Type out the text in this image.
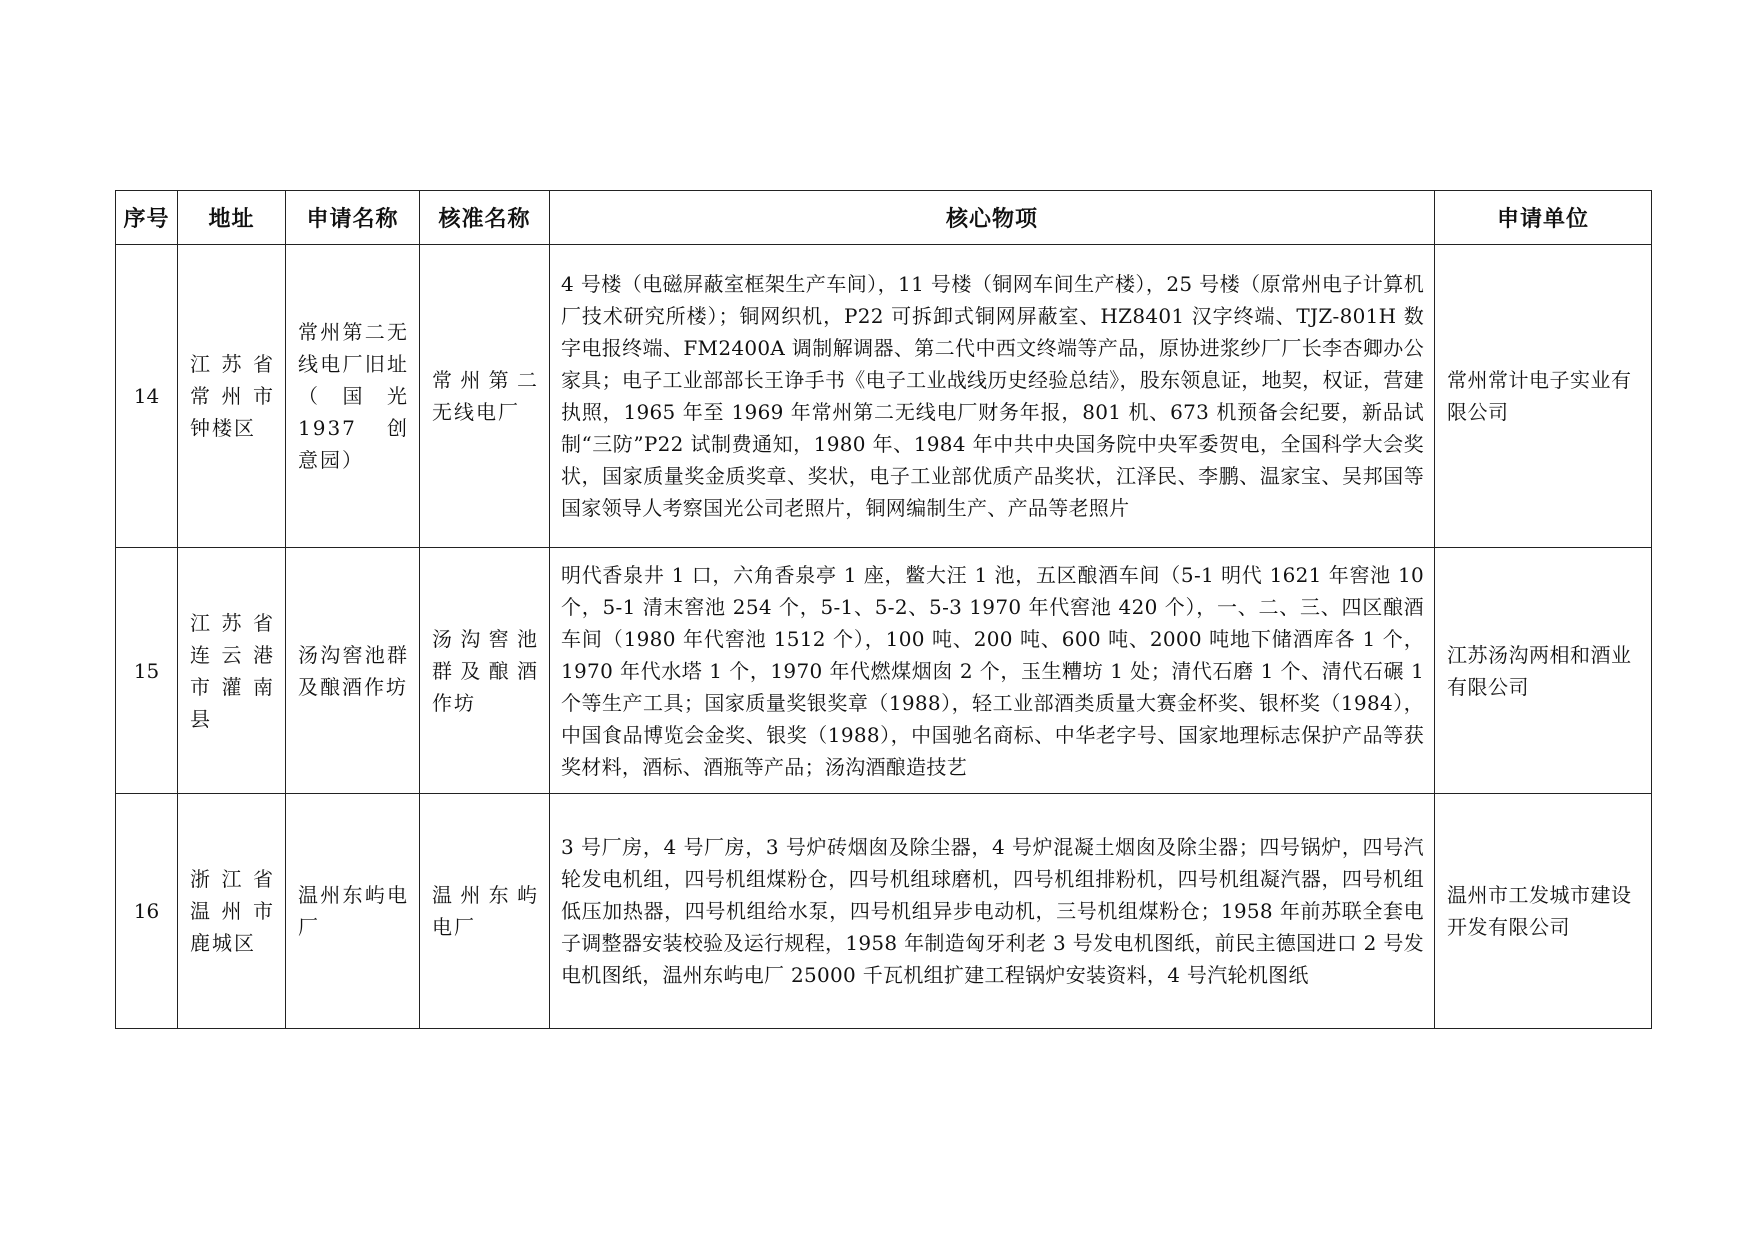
序号	地址	申请名称	核准名称	核心物项	申请单位
14	江苏省常州市钟楼区	常州第二无线电厂旧址（国光1937 创意园）	常州第二无线电厂	4 号楼（电磁屏蔽室框架生产车间），11 号楼（铜网车间生产楼），25 号楼（原常州电子计算机厂技术研究所楼）；铜网织机，P22 可拆卸式铜网屏蔽室、HZ8401 汉字终端、TJZ-801H 数字电报终端、FM2400A 调制解调器、第二代中西文终端等产品，原协进浆纱厂厂长李杏卿办公家具；电子工业部部长王诤手书《电子工业战线历史经验总结》，股东领息证，地契，权证，营建执照，1965 年至 1969 年常州第二无线电厂财务年报，801 机、673 机预备会纪要，新品试制“三防”P22 试制费通知，1980 年、1984 年中共中央国务院中央军委贺电，全国科学大会奖状，国家质量奖金质奖章、奖状，电子工业部优质产品奖状，江泽民、李鹏、温家宝、吴邦国等国家领导人考察国光公司老照片，铜网编制生产、产品等老照片	常州常计电子实业有限公司
15	江苏省连云港市灌南县	汤沟窖池群及酿酒作坊	汤沟窖池群及酿酒作坊	明代香泉井 1 口，六角香泉亭 1 座，鳖大汪 1 池，五区酿酒车间（5-1 明代 1621 年窖池 10 个，5-1 清末窖池 254 个，5-1、5-2、5-3 1970 年代窖池 420 个），一、二、三、四区酿酒车间（1980 年代窖池 1512 个），100 吨、200 吨、600 吨、2000 吨地下储酒库各 1 个，1970 年代水塔 1 个，1970 年代燃煤烟囱 2 个，玉生糟坊 1 处；清代石磨 1 个、清代石碾 1 个等生产工具；国家质量奖银奖章（1988），轻工业部酒类质量大赛金杯奖、银杯奖（1984），中国食品博览会金奖、银奖（1988），中国驰名商标、中华老字号、国家地理标志保护产品等获奖材料，酒标、酒瓶等产品；汤沟酒酿造技艺	江苏汤沟两相和酒业有限公司
16	浙江省温州市鹿城区	温州东屿电厂	温州东屿电厂	3 号厂房，4 号厂房，3 号炉砖烟囱及除尘器，4 号炉混凝土烟囱及除尘器；四号锅炉，四号汽轮发电机组，四号机组煤粉仓，四号机组球磨机，四号机组排粉机，四号机组凝汽器，四号机组低压加热器，四号机组给水泵，四号机组异步电动机，三号机组煤粉仓；1958 年前苏联全套电子调整器安装校验及运行规程，1958 年制造匈牙利老 3 号发电机图纸，前民主德国进口 2 号发电机图纸，温州东屿电厂 25000 千瓦机组扩建工程锅炉安装资料，4 号汽轮机图纸	温州市工发城市建设开发有限公司
